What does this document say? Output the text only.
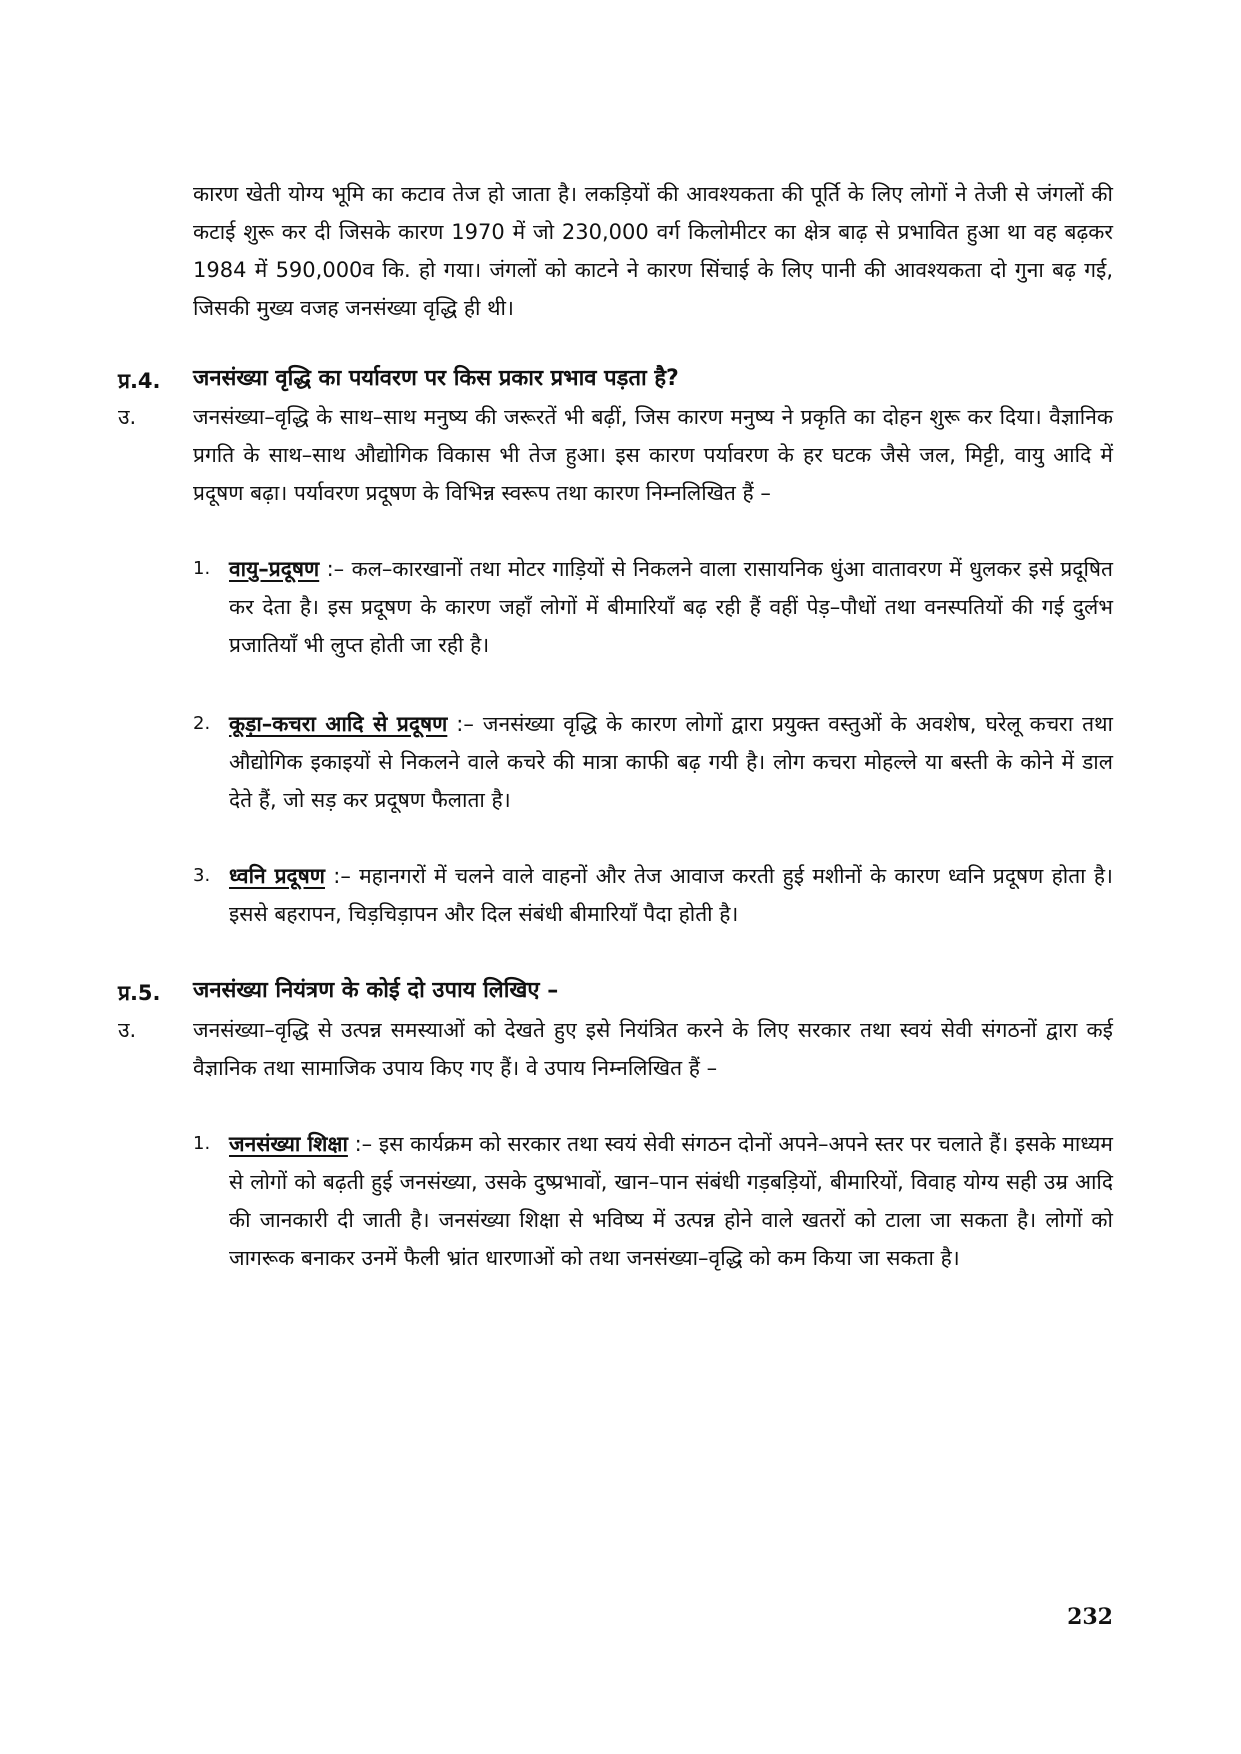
कारण खेती योग्य भूमि का कटाव तेज हो जाता है। लकड़ियों की आवश्यकता की पूर्ति के लिए लोगों ने तेजी से जंगलों की कटाई शुरू कर दी जिसके कारण 1970 में जो 230,000 वर्ग किलोमीटर का क्षेत्र बाढ़ से प्रभावित हुआ था वह बढ़कर 1984 में 590,000व कि. हो गया। जंगलों को काटने ने कारण सिंचाई के लिए पानी की आवश्यकता दो गुना बढ़ गई, जिसकी मुख्य वजह जनसंख्या वृद्धि ही थी।

प्र.4. जनसंख्या वृद्धि का पर्यावरण पर किस प्रकार प्रभाव पड़ता है?

उ.	जनसंख्या–वृद्धि के साथ–साथ मनुष्य की जरूरतें भी बढ़ीं, जिस कारण मनुष्य ने प्रकृति का दोहन शुरू कर दिया। वैज्ञानिक प्रगति के साथ–साथ औद्योगिक विकास भी तेज हुआ। इस कारण पर्यावरण के हर घटक जैसे जल, मिट्टी, वायु आदि में प्रदूषण बढ़ा। पर्यावरण प्रदूषण के विभिन्न स्वरूप तथा कारण निम्नलिखित हैं –

1. वायु–प्रदूषण :– कल–कारखानों तथा मोटर गाड़ियों से निकलने वाला रासायनिक धुंआ वातावरण में धुलकर इसे प्रदूषित कर देता है। इस प्रदूषण के कारण जहाँ लोगों में बीमारियाँ बढ़ रही हैं वहीं पेड़–पौधों तथा वनस्पतियों की गई दुर्लभ प्रजातियाँ भी लुप्त होती जा रही है।
2. कूड़ा–कचरा आदि से प्रदूषण :– जनसंख्या वृद्धि के कारण लोगों द्वारा प्रयुक्त वस्तुओं के अवशेष, घरेलू कचरा तथा औद्योगिक इकाइयों से निकलने वाले कचरे की मात्रा काफी बढ़ गयी है। लोग कचरा मोहल्ले या बस्ती के कोने में डाल देते हैं, जो सड़ कर प्रदूषण फैलाता है।
3. ध्वनि प्रदूषण :– महानगरों में चलने वाले वाहनों और तेज आवाज करती हुई मशीनों के कारण ध्वनि प्रदूषण होता है। इससे बहरापन, चिड़चिड़ापन और दिल संबंधी बीमारियाँ पैदा होती है।

प्र.5. जनसंख्या नियंत्रण के कोई दो उपाय लिखिए –

उ.	जनसंख्या–वृद्धि से उत्पन्न समस्याओं को देखते हुए इसे नियंत्रित करने के लिए सरकार तथा स्वयं सेवी संगठनों द्वारा कई वैज्ञानिक तथा सामाजिक उपाय किए गए हैं। वे उपाय निम्नलिखित हैं –

1. जनसंख्या शिक्षा :– इस कार्यक्रम को सरकार तथा स्वयं सेवी संगठन दोनों अपने–अपने स्तर पर चलाते हैं। इसके माध्यम से लोगों को बढ़ती हुई जनसंख्या, उसके दुष्प्रभावों, खान–पान संबंधी गड़बड़ियों, बीमारियों, विवाह योग्य सही उम्र आदि की जानकारी दी जाती है। जनसंख्या शिक्षा से भविष्य में उत्पन्न होने वाले खतरों को टाला जा सकता है। लोगों को जागरूक बनाकर उनमें फैली भ्रांत धारणाओं को तथा जनसंख्या–वृद्धि को कम किया जा सकता है।

232
